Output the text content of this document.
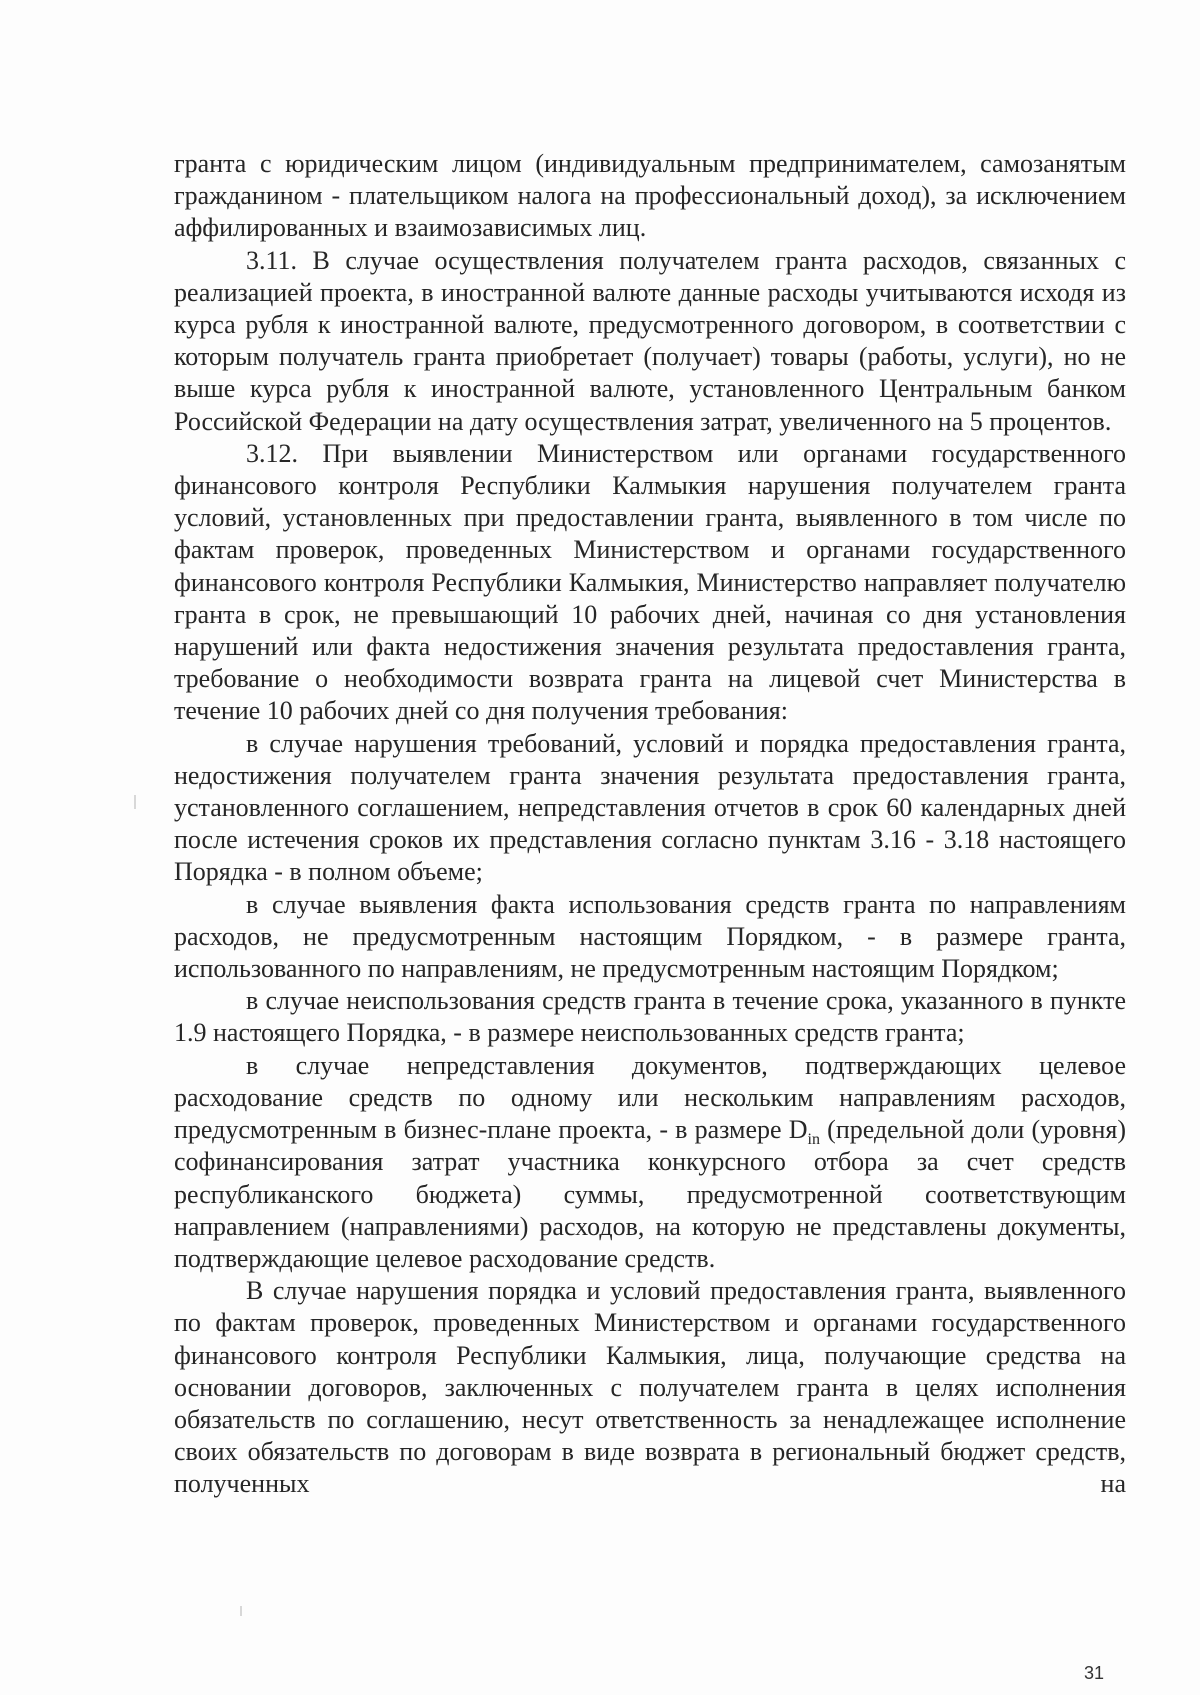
гранта с юридическим лицом (индивидуальным предпринимателем, самозанятым гражданином - плательщиком налога на профессиональный доход), за исключением аффилированных и взаимозависимых лиц.

3.11. В случае осуществления получателем гранта расходов, связанных с реализацией проекта, в иностранной валюте данные расходы учитываются исходя из курса рубля к иностранной валюте, предусмотренного договором, в соответствии с которым получатель гранта приобретает (получает) товары (работы, услуги), но не выше курса рубля к иностранной валюте, установленного Центральным банком Российской Федерации на дату осуществления затрат, увеличенного на 5 процентов.

3.12. При выявлении Министерством или органами государственного финансового контроля Республики Калмыкия нарушения получателем гранта условий, установленных при предоставлении гранта, выявленного в том числе по фактам проверок, проведенных Министерством и органами государственного финансового контроля Республики Калмыкия, Министерство направляет получателю гранта в срок, не превышающий 10 рабочих дней, начиная со дня установления нарушений или факта недостижения значения результата предоставления гранта, требование о необходимости возврата гранта на лицевой счет Министерства в течение 10 рабочих дней со дня получения требования:

в случае нарушения требований, условий и порядка предоставления гранта, недостижения получателем гранта значения результата предоставления гранта, установленного соглашением, непредставления отчетов в срок 60 календарных дней после истечения сроков их представления согласно пунктам 3.16 - 3.18 настоящего Порядка - в полном объеме;

в случае выявления факта использования средств гранта по направлениям расходов, не предусмотренным настоящим Порядком, - в размере гранта, использованного по направлениям, не предусмотренным настоящим Порядком;

в случае неиспользования средств гранта в течение срока, указанного в пункте 1.9 настоящего Порядка, - в размере неиспользованных средств гранта;

в случае непредставления документов, подтверждающих целевое расходование средств по одному или нескольким направлениям расходов, предусмотренным в бизнес-плане проекта, - в размере $D_{in}$ (предельной доли (уровня) софинансирования затрат участника конкурсного отбора за счет средств республиканского бюджета) суммы, предусмотренной соответствующим направлением (направлениями) расходов, на которую не представлены документы, подтверждающие целевое расходование средств.

В случае нарушения порядка и условий предоставления гранта, выявленного по фактам проверок, проведенных Министерством и органами государственного финансового контроля Республики Калмыкия, лица, получающие средства на основании договоров, заключенных с получателем гранта в целях исполнения обязательств по соглашению, несут ответственность за ненадлежащее исполнение своих обязательств по договорам в виде возврата в региональный бюджет средств, полученных на

31
